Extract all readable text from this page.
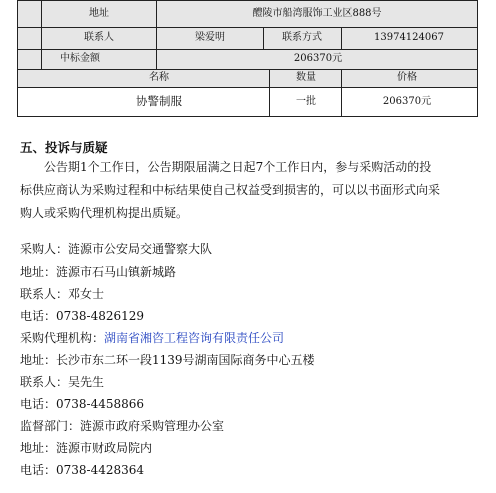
地址	醴陵市船湾服饰工业区888号
联系人	梁爱明	联系方式	13974124067
中标金额	206370元
名称	数量	价格
协警制服	一批	206370元
五、投诉与质疑
公告期1个工作日，公告期限届满之日起7个工作日内，参与采购活动的投
标供应商认为采购过程和中标结果使自己权益受到损害的，可以以书面形式向采
购人或采购代理机构提出质疑。
采购人：涟源市公安局交通警察大队
地址：涟源市石马山镇新城路
联系人：邓女士
电话：0738-4826129
采购代理机构：湖南省湘咨工程咨询有限责任公司
地址：长沙市东二环一段1139号湖南国际商务中心五楼
联系人：吴先生
电话：0738-4458866
监督部门：涟源市政府采购管理办公室
地址：涟源市财政局院内
电话：0738-4428364
